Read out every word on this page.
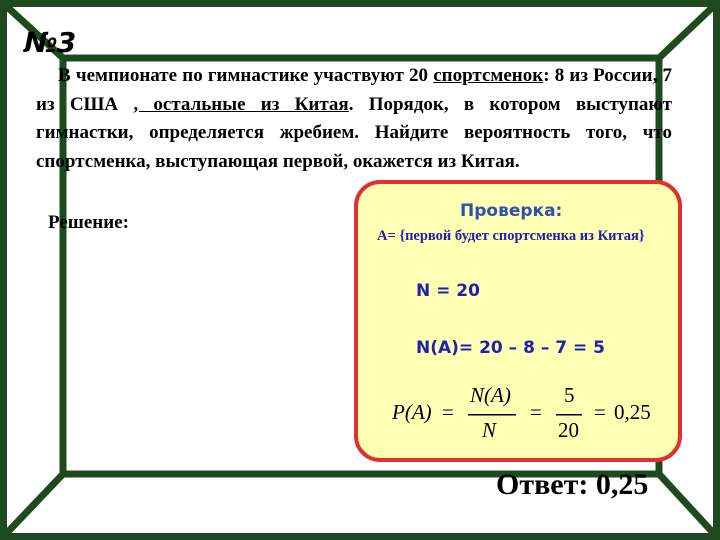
№3
В чемпионате по гимнастике участвуют 20 спортсменок: 8 из России, 7 из США , остальные из Китая. Порядок, в котором выступают гимнастки, определяется жребием. Найдите вероятность того, что спортсменка, выступающая первой, окажется из Китая.
Решение:
Проверка:
А= {первой будет спортсменка из Китая}
N = 20
N(A)= 20 – 8 – 7 = 5
P(A) =
N(A)
N
=
5
20
= 0,25
Ответ: 0,25
